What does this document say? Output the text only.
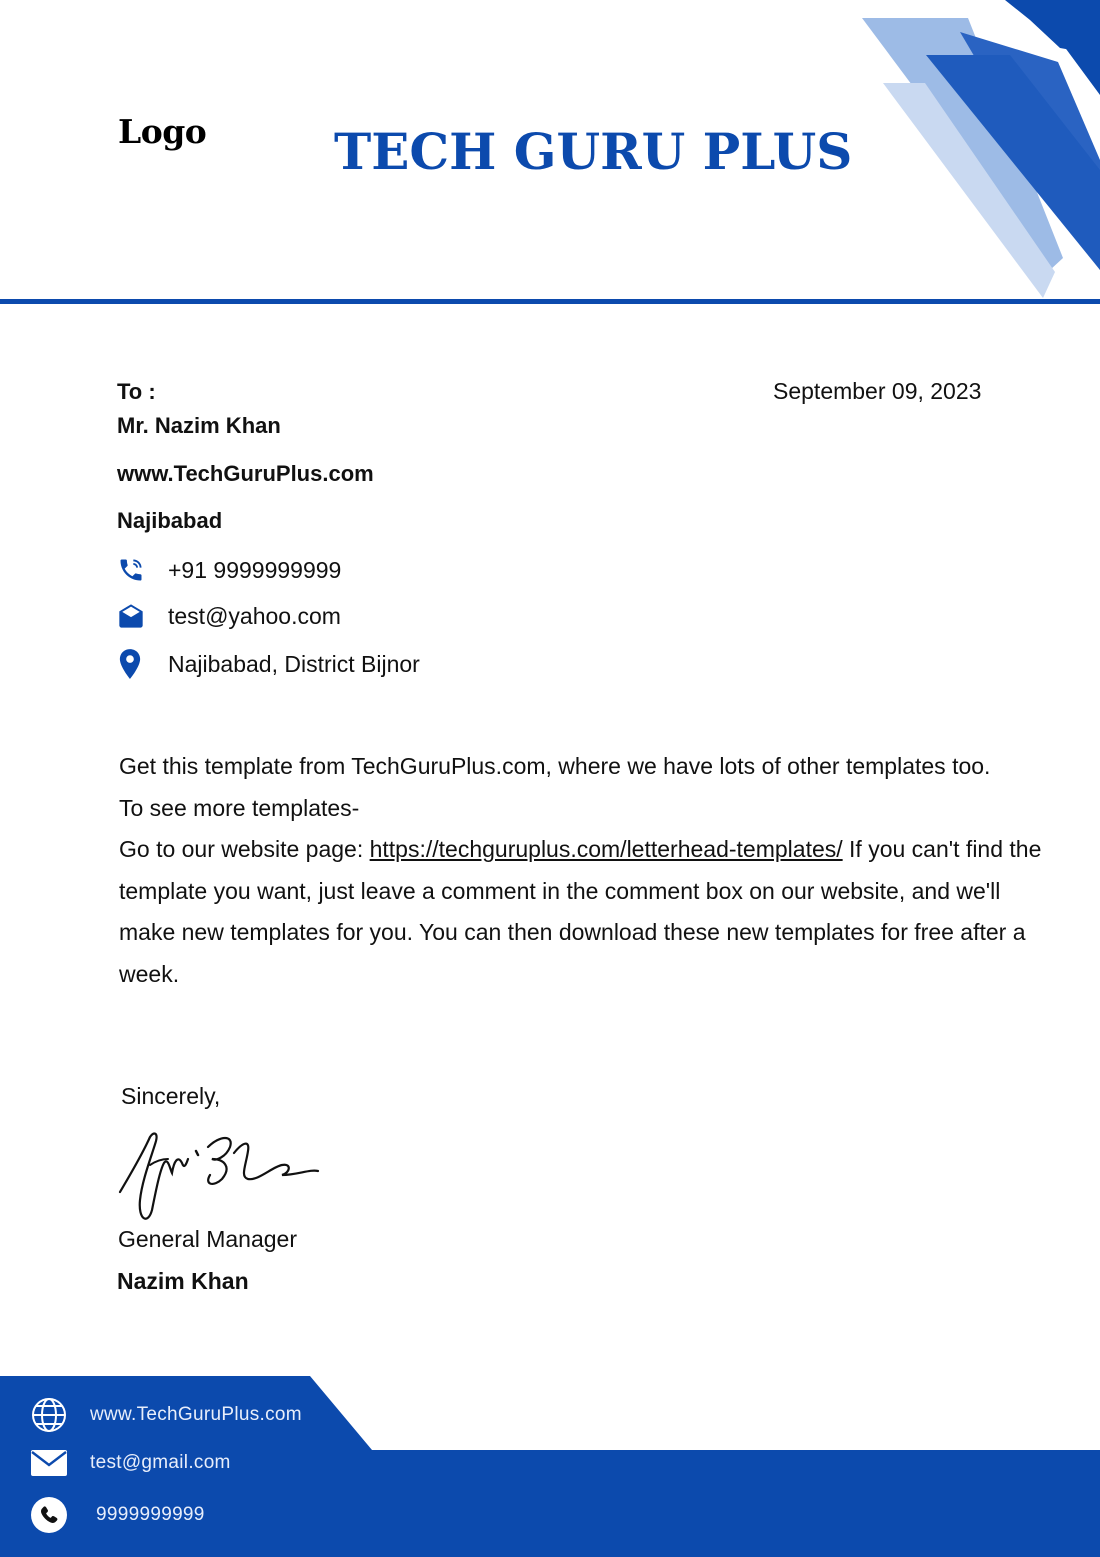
Logo	TECH GURU PLUS
To :
Mr. Nazim Khan
www.TechGuruPlus.com
Najibabad
September 09, 2023
+91 9999999999
test@yahoo.com
Najibabad, District Bijnor
Get this template from TechGuruPlus.com, where we have lots of other templates too.
To see more templates-
Go to our website page: https://techguruplus.com/letterhead-templates/ If you can't find the template you want, just leave a comment in the comment box on our website, and we'll make new templates for you. You can then download these new templates for free after a week.
Sincerely,
General Manager
Nazim Khan
www.TechGuruPlus.com
test@gmail.com
9999999999
